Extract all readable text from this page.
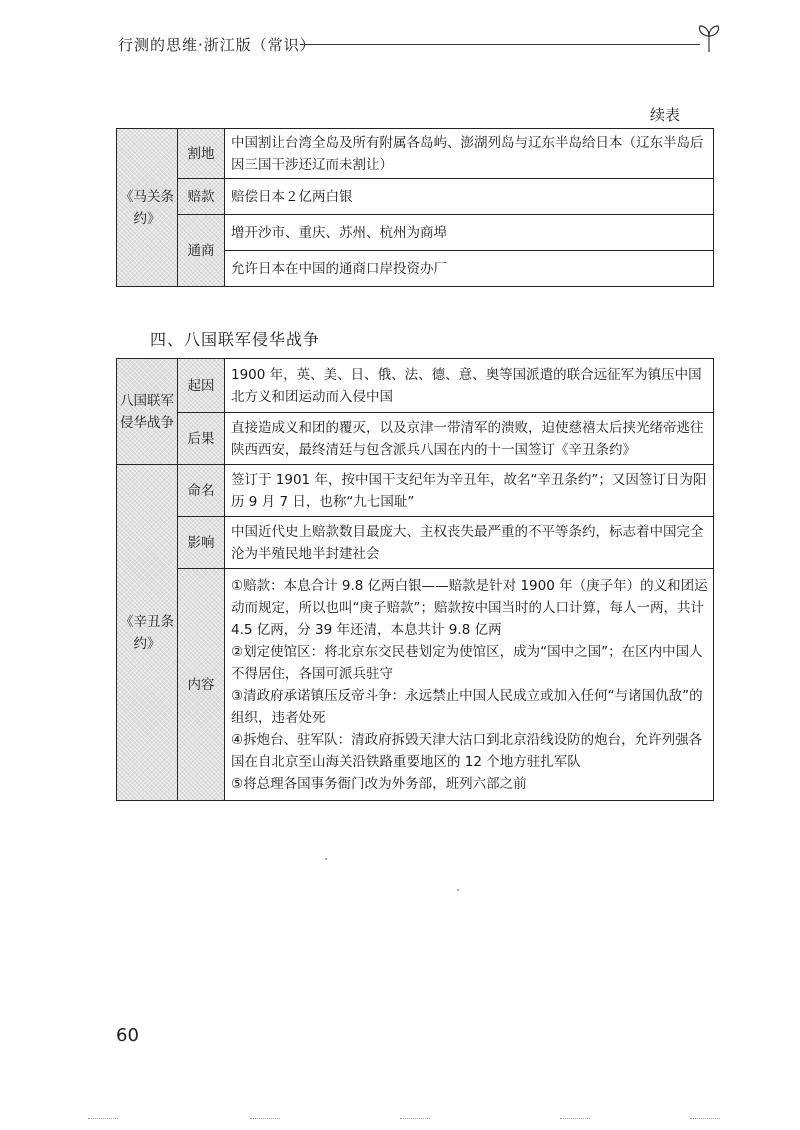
行测的思维·浙江版（常识）
续表
《马关条约》	割地	中国割让台湾全岛及所有附属各岛屿、澎湖列岛与辽东半岛给日本（辽东半岛后因三国干涉还辽而未割让）
	赔款	赔偿日本２亿两白银
	通商	增开沙市、重庆、苏州、杭州为商埠
		允许日本在中国的通商口岸投资办厂
四、八国联军侵华战争
八国联军侵华战争	起因	1900 年，英、美、日、俄、法、德、意、奥等国派遣的联合远征军为镇压中国北方义和团运动而入侵中国
	后果	直接造成义和团的覆灭，以及京津一带清军的溃败，迫使慈禧太后挟光绪帝逃往陕西西安，最终清廷与包含派兵八国在内的十一国签订《辛丑条约》
《辛丑条约》	命名	签订于 1901 年，按中国干支纪年为辛丑年，故名“辛丑条约”；又因签订日为阳历 9 月 7 日，也称“九七国耻”
	影响	中国近代史上赔款数目最庞大、主权丧失最严重的不平等条约，标志着中国完全沦为半殖民地半封建社会
	内容	①赔款：本息合计 9.8 亿两白银——赔款是针对 1900 年（庚子年）的义和团运动而规定，所以也叫“庚子赔款”；赔款按中国当时的人口计算，每人一两，共计 4.5 亿两，分 39 年还清，本息共计 9.8 亿两
②划定使馆区：将北京东交民巷划定为使馆区，成为“国中之国”；在区内中国人不得居住，各国可派兵驻守
③清政府承诺镇压反帝斗争：永远禁止中国人民成立或加入任何“与诸国仇敌”的组织，违者处死
④拆炮台、驻军队：清政府拆毁天津大沽口到北京沿线设防的炮台，允许列强各国在自北京至山海关沿铁路重要地区的 12 个地方驻扎军队
⑤将总理各国事务衙门改为外务部，班列六部之前
60
